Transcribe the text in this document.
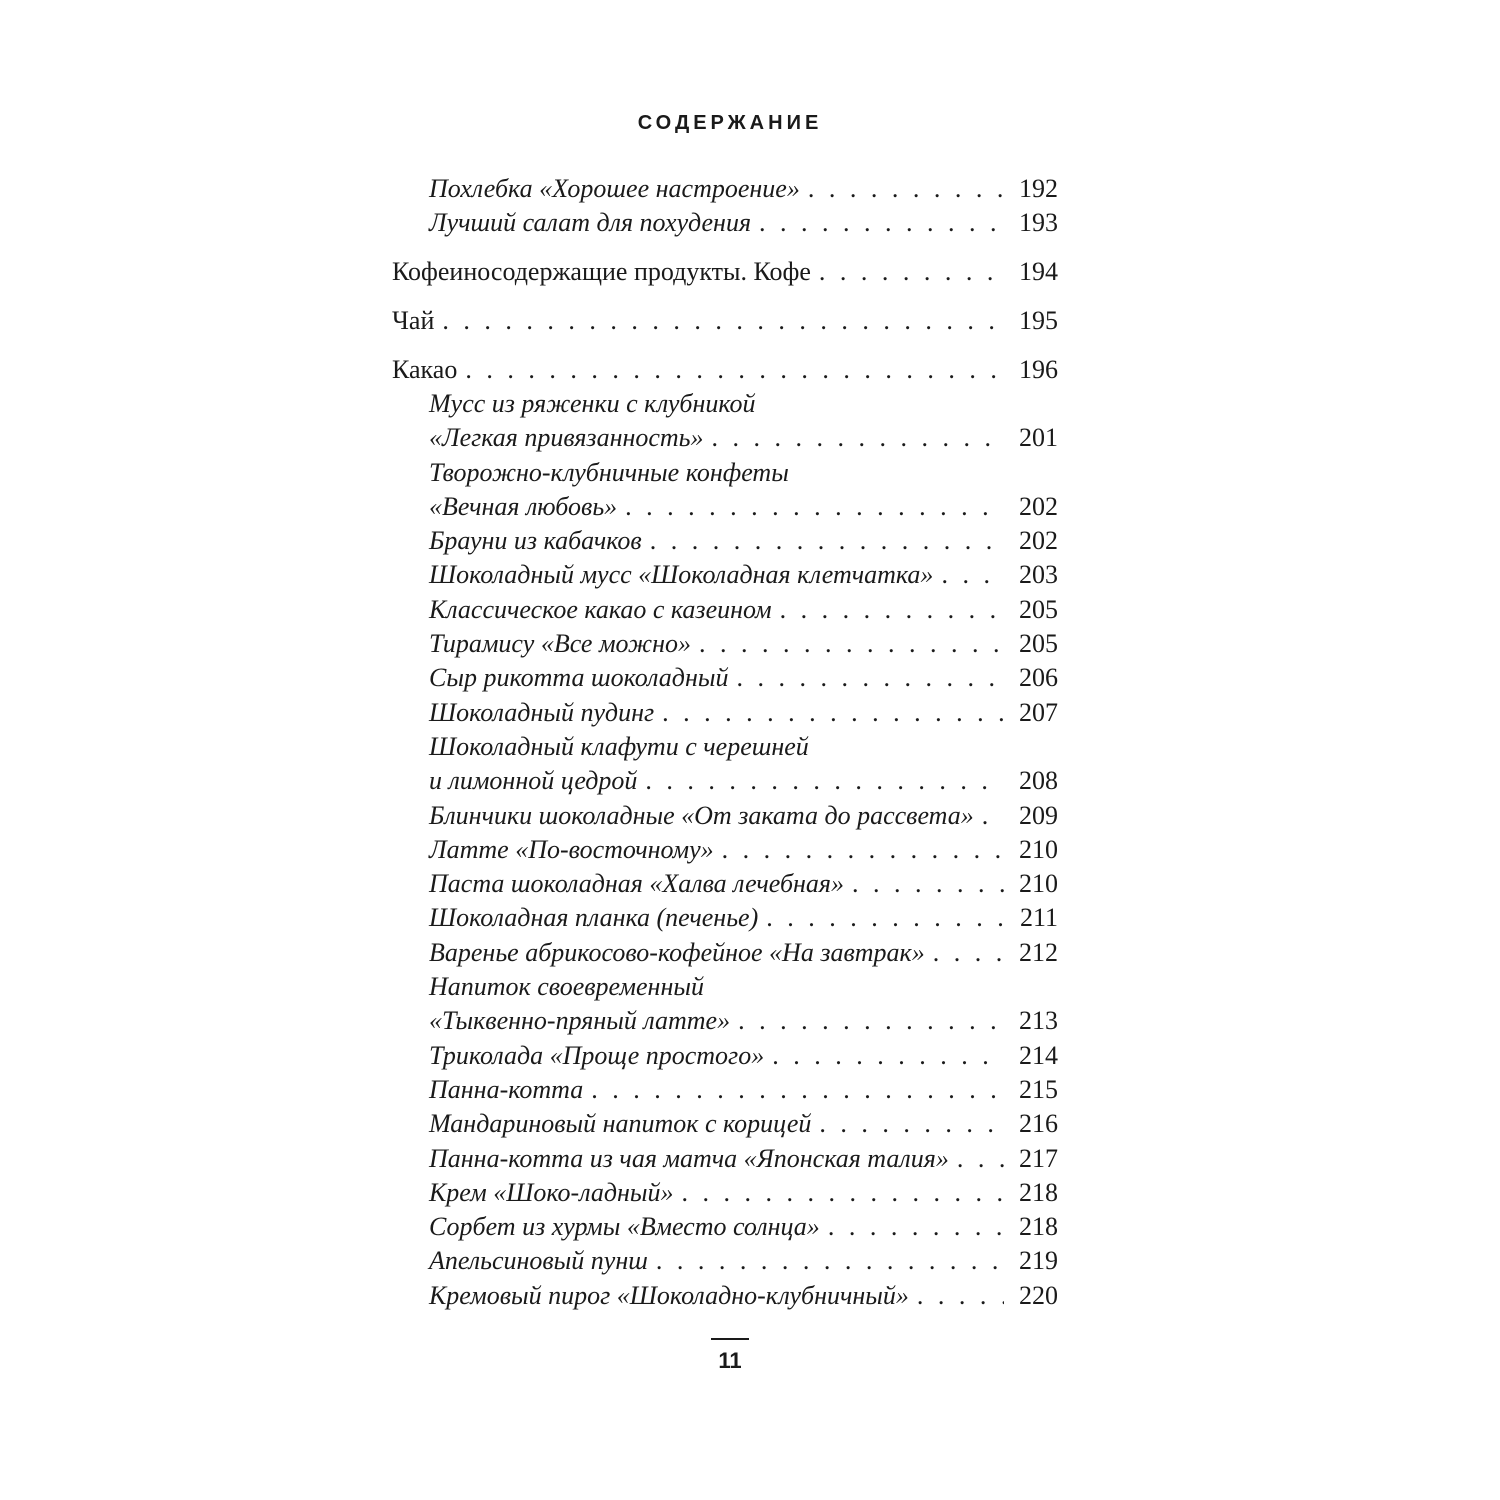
СОДЕРЖАНИЕ
Похлебка «Хорошее настроение» . . .	192
Лучший салат для похудения . . .	193
Кофеиносодержащие продукты. Кофе . . .	194
Чай . . .	195
Какао . . .	196
Мусс из ряженки с клубникой
«Легкая привязанность» . . .	201
Творожно-клубничные конфеты
«Вечная любовь» . . .	202
Брауни из кабачков . . .	202
Шоколадный мусс «Шоколадная клетчатка» . . .	203
Классическое какао с казеином . . .	205
Тирамису «Все можно» . . .	205
Сыр рикотта шоколадный . . .	206
Шоколадный пудинг . . .	207
Шоколадный клафути с черешней
и лимонной цедрой . . .	208
Блинчики шоколадные «От заката до рассвета» . . . 209
Латте «По-восточному» . . .	210
Паста шоколадная «Халва лечебная» . . .	210
Шоколадная планка (печенье) . . .	211
Варенье абрикосово-кофейное «На завтрак» . . .	212
Напиток своевременный
«Тыквенно-пряный латте» . . .	213
Триколада «Проще простого» . . .	214
Панна-котта . . .	215
Мандариновый напиток с корицей . . .	216
Панна-котта из чая матча «Японская талия» . . .	217
Крем «Шоко-ладный» . . .	218
Сорбет из хурмы «Вместо солнца» . . .	218
Апельсиновый пунш . . .	219
Кремовый пирог «Шоколадно-клубничный» . . .	220
11
